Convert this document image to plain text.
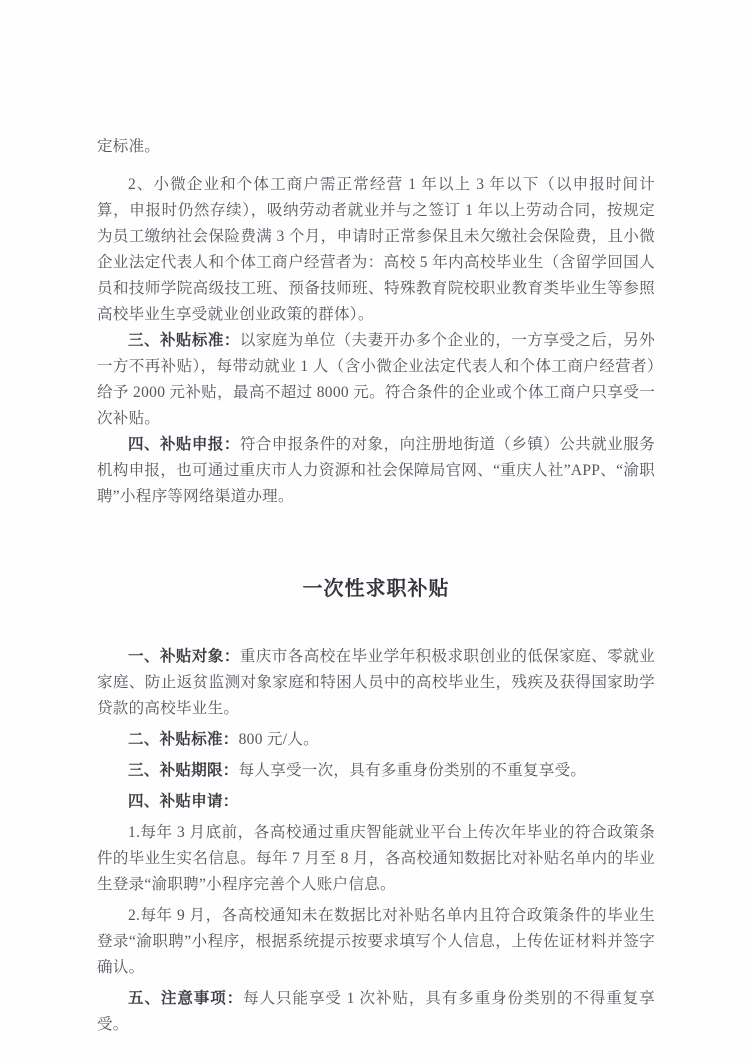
定标准。

2、小微企业和个体工商户需正常经营 1 年以上 3 年以下（以申报时间计算，申报时仍然存续），吸纳劳动者就业并与之签订 1 年以上劳动合同，按规定为员工缴纳社会保险费满 3 个月，申请时正常参保且未欠缴社会保险费，且小微企业法定代表人和个体工商户经营者为：高校 5 年内高校毕业生（含留学回国人员和技师学院高级技工班、预备技师班、特殊教育院校职业教育类毕业生等参照高校毕业生享受就业创业政策的群体）。

三、补贴标准：以家庭为单位（夫妻开办多个企业的，一方享受之后，另外一方不再补贴），每带动就业 1 人（含小微企业法定代表人和个体工商户经营者）给予 2000 元补贴，最高不超过 8000 元。符合条件的企业或个体工商户只享受一次补贴。

四、补贴申报：符合申报条件的对象，向注册地街道（乡镇）公共就业服务机构申报，也可通过重庆市人力资源和社会保障局官网、“重庆人社”APP、“渝职聘”小程序等网络渠道办理。

一次性求职补贴

一、补贴对象：重庆市各高校在毕业学年积极求职创业的低保家庭、零就业家庭、防止返贫监测对象家庭和特困人员中的高校毕业生，残疾及获得国家助学贷款的高校毕业生。

二、补贴标准：800 元/人。

三、补贴期限：每人享受一次，具有多重身份类别的不重复享受。

四、补贴申请：

1.每年 3 月底前，各高校通过重庆智能就业平台上传次年毕业的符合政策条件的毕业生实名信息。每年 7 月至 8 月，各高校通知数据比对补贴名单内的毕业生登录“渝职聘”小程序完善个人账户信息。

2.每年 9 月，各高校通知未在数据比对补贴名单内且符合政策条件的毕业生登录“渝职聘”小程序，根据系统提示按要求填写个人信息，上传佐证材料并签字确认。

五、注意事项：每人只能享受 1 次补贴，具有多重身份类别的不得重复享受。
